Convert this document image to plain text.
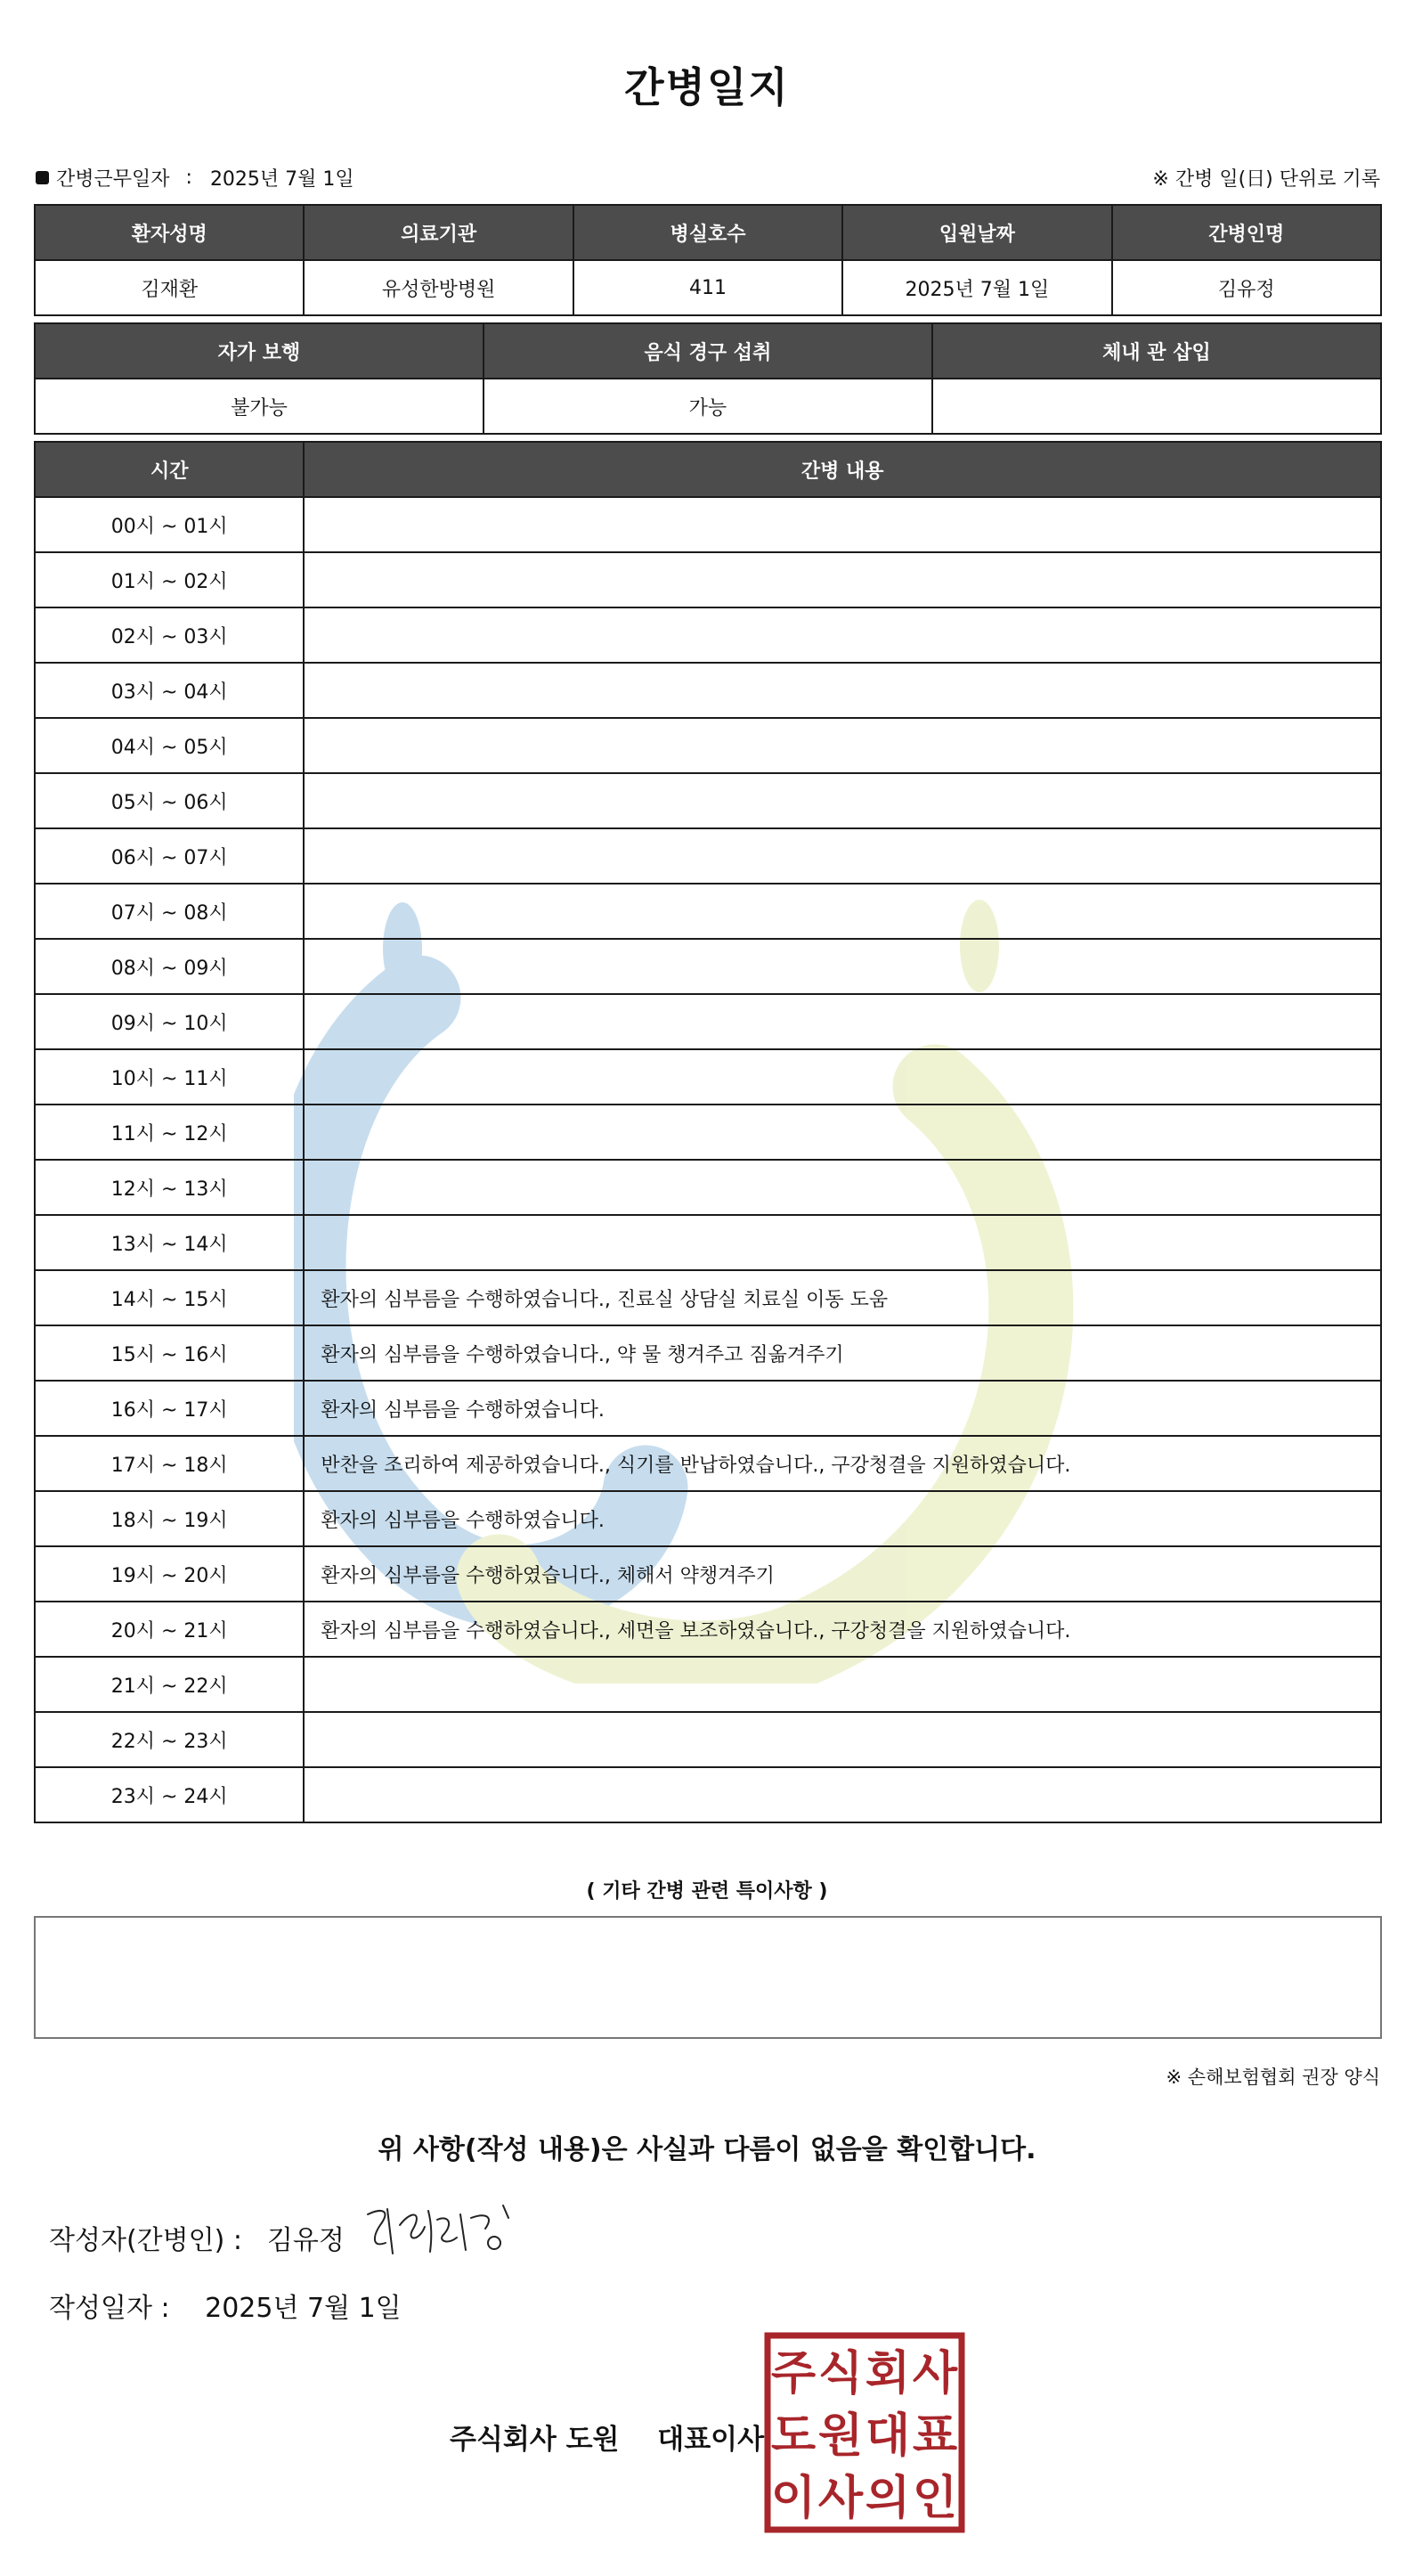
간병일지
간병근무일자 : 2025년 7월 1일	※ 간병 일(日) 단위로 기록
환자성명	의료기관	병실호수	입원날짜	간병인명
김재환	유성한방병원	411	2025년 7월 1일	김유정
자가 보행	음식 경구 섭취	체내 관 삽입
불가능	가능	
시간	간병 내용
00시 ~ 01시	
01시 ~ 02시	
02시 ~ 03시	
03시 ~ 04시	
04시 ~ 05시	
05시 ~ 06시	
06시 ~ 07시	
07시 ~ 08시	
08시 ~ 09시	
09시 ~ 10시	
10시 ~ 11시	
11시 ~ 12시	
12시 ~ 13시	
13시 ~ 14시	
14시 ~ 15시	환자의 심부름을 수행하였습니다., 진료실 상담실 치료실 이동 도움
15시 ~ 16시	환자의 심부름을 수행하였습니다., 약 물 챙겨주고 짐옮겨주기
16시 ~ 17시	환자의 심부름을 수행하였습니다.
17시 ~ 18시	반찬을 조리하여 제공하였습니다., 식기를 반납하였습니다., 구강청결을 지원하였습니다.
18시 ~ 19시	환자의 심부름을 수행하였습니다.
19시 ~ 20시	환자의 심부름을 수행하였습니다., 체해서 약챙겨주기
20시 ~ 21시	환자의 심부름을 수행하였습니다., 세면을 보조하였습니다., 구강청결을 지원하였습니다.
21시 ~ 22시	
22시 ~ 23시	
23시 ~ 24시	
( 기타 간병 관련 특이사항 )
※ 손해보험협회 권장 양식
위 사항(작성 내용)은 사실과 다름이 없음을 확인합니다.
작성자(간병인) : 김유정
작성일자 : 2025년 7월 1일
주식회사 도원 대표이사
주 식 회 사
도 원 대 표
이 사 의 인
